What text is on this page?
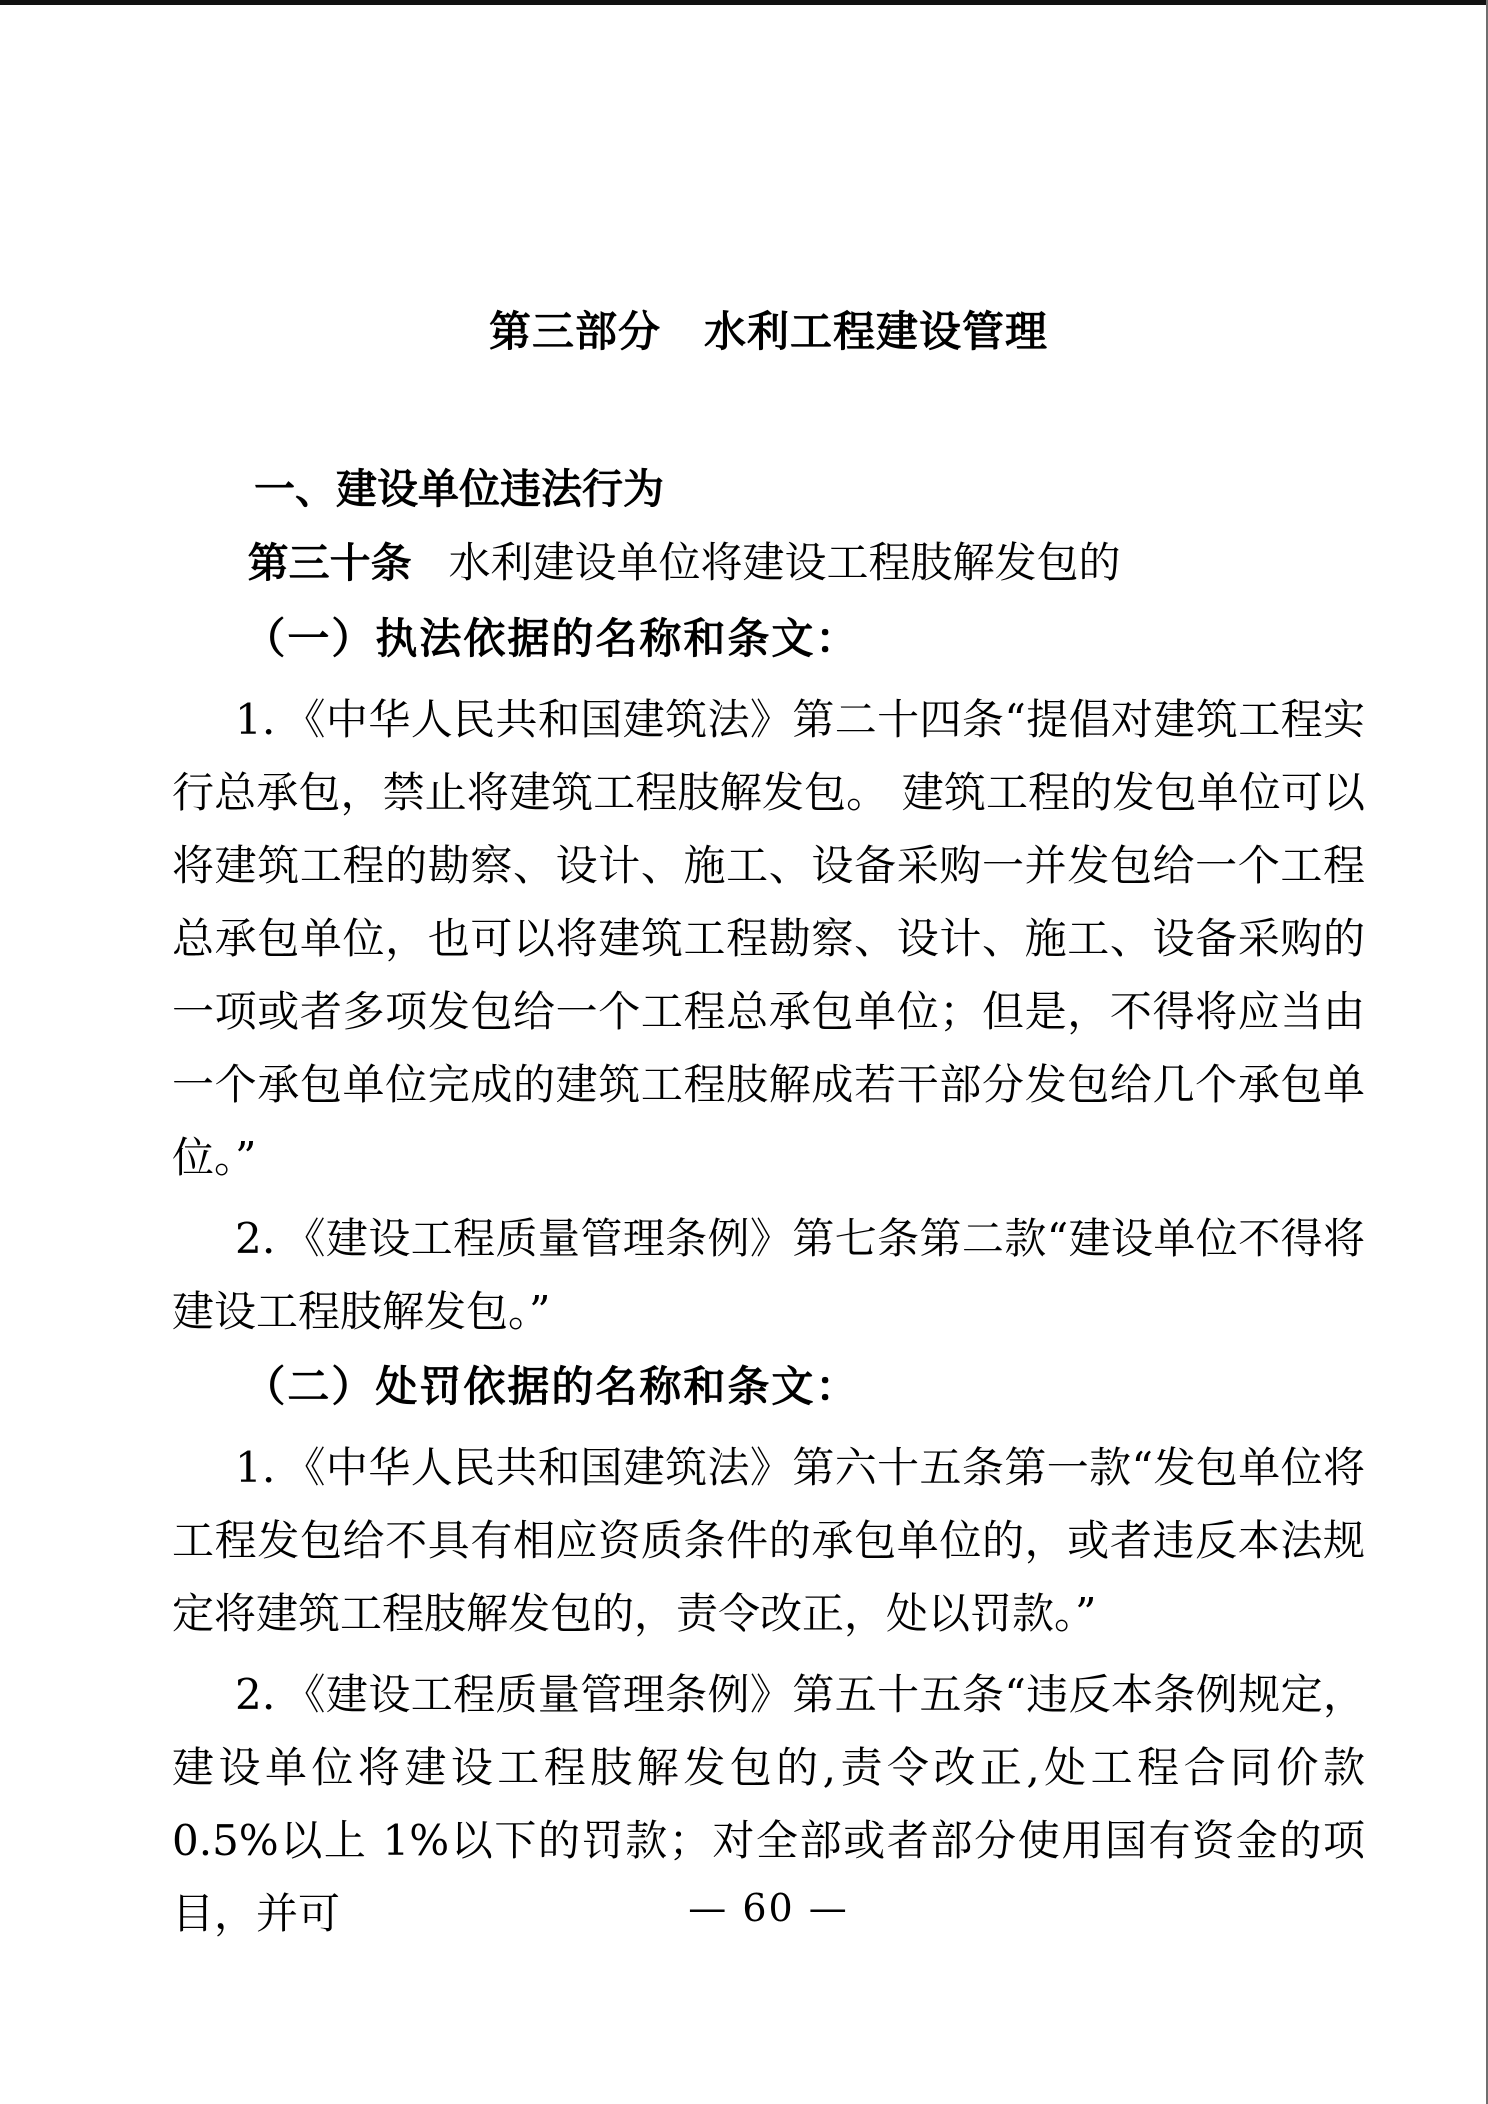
第三部分　水利工程建设管理
一、建设单位违法行为

第三十条 水利建设单位将建设工程肢解发包的

（一）执法依据的名称和条文：

1．《中华人民共和国建筑法》第二十四条“提倡对建筑工程实行总承包，禁止将建筑工程肢解发包。 建筑工程的发包单位可以将建筑工程的勘察、设计、施工、设备采购一并发包给一个工程总承包单位，也可以将建筑工程勘察、设计、施工、设备采购的一项或者多项发包给一个工程总承包单位；但是，不得将应当由一个承包单位完成的建筑工程肢解成若干部分发包给几个承包单位。”

2．《建设工程质量管理条例》第七条第二款“建设单位不得将建设工程肢解发包。”

（二）处罚依据的名称和条文：

1．《中华人民共和国建筑法》第六十五条第一款“发包单位将工程发包给不具有相应资质条件的承包单位的，或者违反本法规定将建筑工程肢解发包的，责令改正，处以罚款。”

2．《建设工程质量管理条例》第五十五条“违反本条例规定，建设单位将建设工程肢解发包的,责令改正,处工程合同价款 0.5%以上 1%以下的罚款；对全部或者部分使用国有资金的项目，并可	— 60 —
